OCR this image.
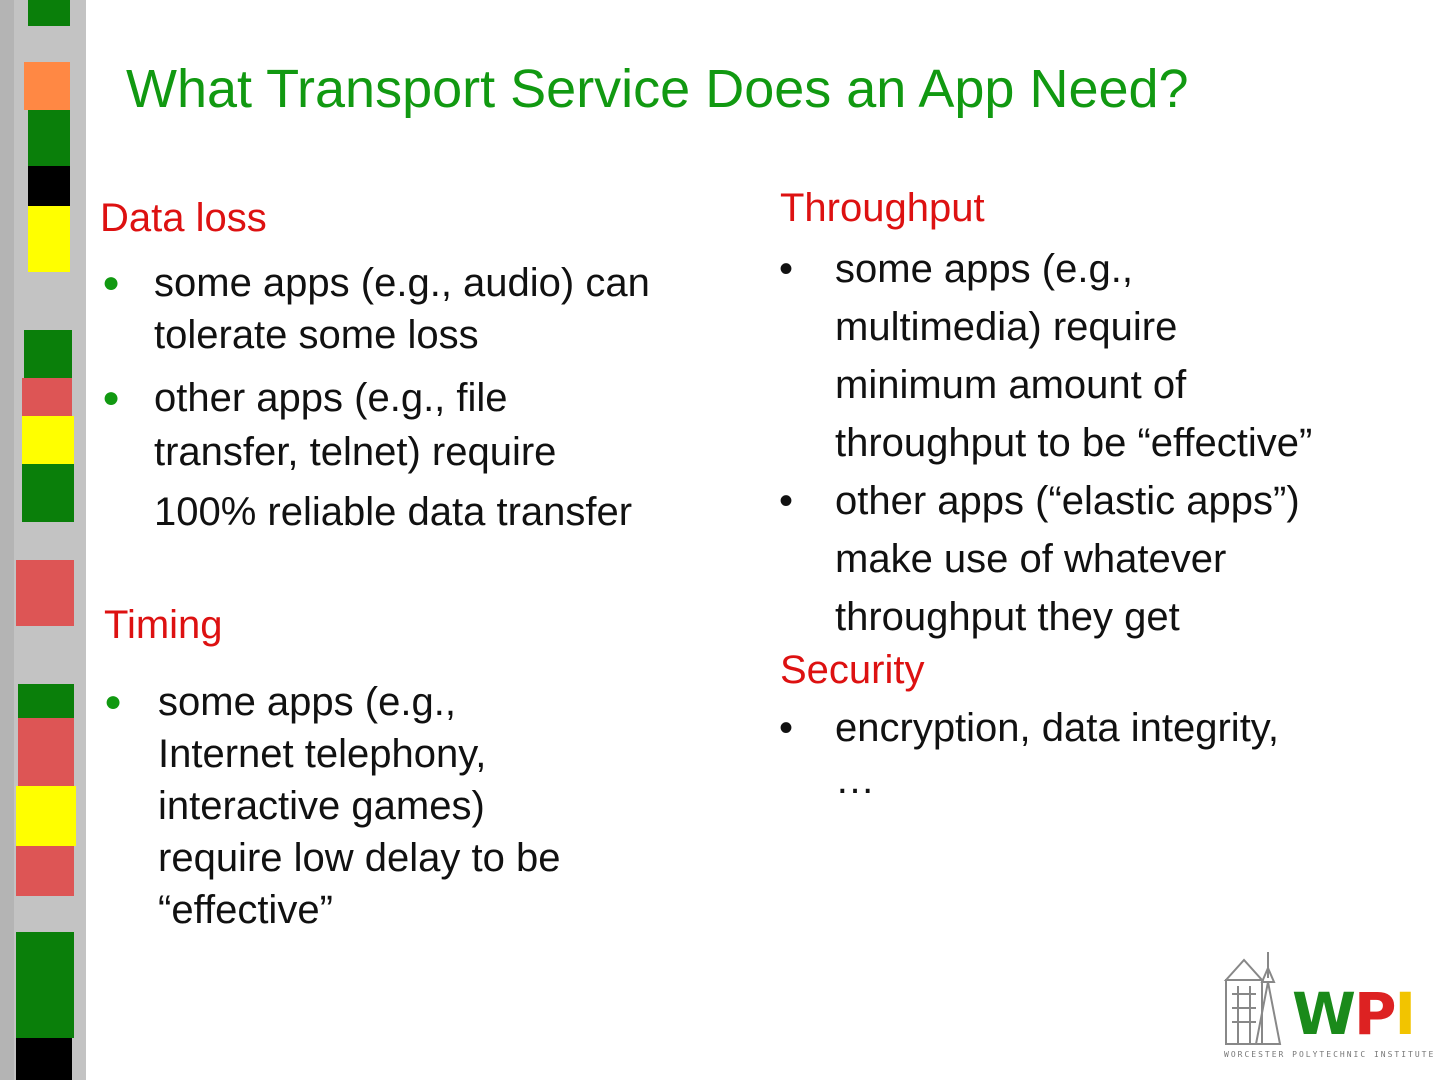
What Transport Service Does an App Need?
Data loss
● some apps (e.g., audio) can
tolerate some loss
● other apps (e.g., file
transfer, telnet) require
100% reliable data transfer
Timing
● some apps (e.g.,
Internet telephony,
interactive games)
require low delay to be
“effective”
Throughput
• some apps (e.g.,
multimedia) require
minimum amount of
throughput to be “effective”
• other apps (“elastic apps”)
make use of whatever
throughput they get
Security
• encryption, data integrity,
…
WPI
WORCESTER POLYTECHNIC INSTITUTE
